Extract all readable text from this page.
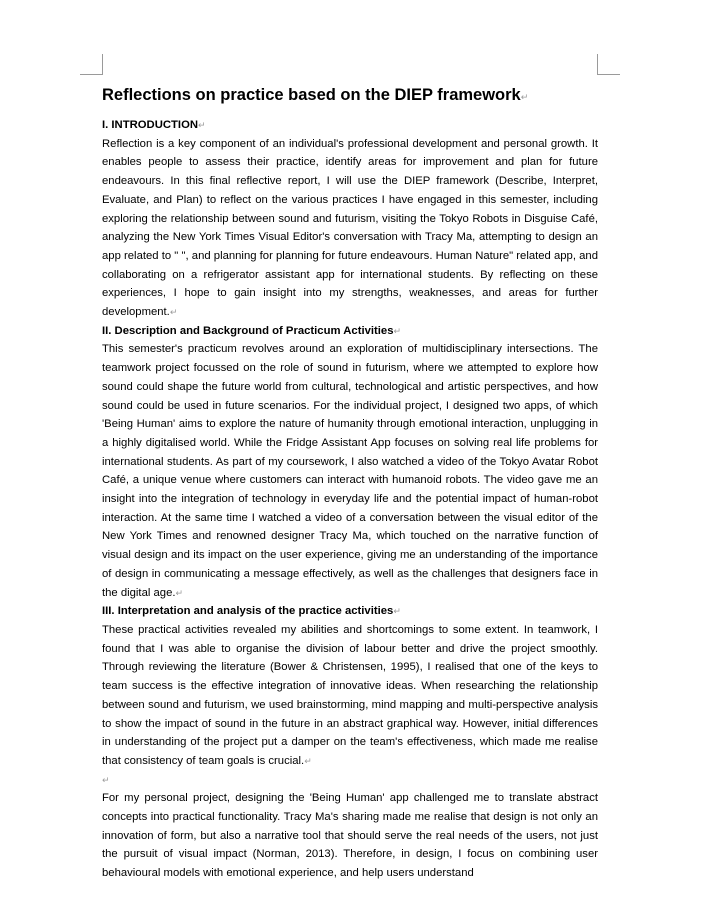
Reflections on practice based on the DIEP framework↵
I. INTRODUCTION↵

Reflection is a key component of an individual's professional development and personal growth. It enables people to assess their practice, identify areas for improvement and plan for future endeavours. In this final reflective report, I will use the DIEP framework (Describe, Interpret, Evaluate, and Plan) to reflect on the various practices I have engaged in this semester, including exploring the relationship between sound and futurism, visiting the Tokyo Robots in Disguise Café, analyzing the New York Times Visual Editor's conversation with Tracy Ma, attempting to design an app related to " ", and planning for planning for future endeavours. Human Nature" related app, and collaborating on a refrigerator assistant app for international students. By reflecting on these experiences, I hope to gain insight into my strengths, weaknesses, and areas for further development.↵

II. Description and Background of Practicum Activities↵

This semester's practicum revolves around an exploration of multidisciplinary intersections. The teamwork project focussed on the role of sound in futurism, where we attempted to explore how sound could shape the future world from cultural, technological and artistic perspectives, and how sound could be used in future scenarios. For the individual project, I designed two apps, of which 'Being Human' aims to explore the nature of humanity through emotional interaction, unplugging in a highly digitalised world. While the Fridge Assistant App focuses on solving real life problems for international students. As part of my coursework, I also watched a video of the Tokyo Avatar Robot Café, a unique venue where customers can interact with humanoid robots. The video gave me an insight into the integration of technology in everyday life and the potential impact of human-robot interaction. At the same time I watched a video of a conversation between the visual editor of the New York Times and renowned designer Tracy Ma, which touched on the narrative function of visual design and its impact on the user experience, giving me an understanding of the importance of design in communicating a message effectively, as well as the challenges that designers face in the digital age.↵

III. Interpretation and analysis of the practice activities↵

These practical activities revealed my abilities and shortcomings to some extent. In teamwork, I found that I was able to organise the division of labour better and drive the project smoothly. Through reviewing the literature (Bower & Christensen, 1995), I realised that one of the keys to team success is the effective integration of innovative ideas. When researching the relationship between sound and futurism, we used brainstorming, mind mapping and multi-perspective analysis to show the impact of sound in the future in an abstract graphical way. However, initial differences in understanding of the project put a damper on the team's effectiveness, which made me realise that consistency of team goals is crucial.↵

↵

For my personal project, designing the 'Being Human' app challenged me to translate abstract concepts into practical functionality. Tracy Ma's sharing made me realise that design is not only an innovation of form, but also a narrative tool that should serve the real needs of the users, not just the pursuit of visual impact (Norman, 2013). Therefore, in design, I focus on combining user behavioural models with emotional experience, and help users understand
